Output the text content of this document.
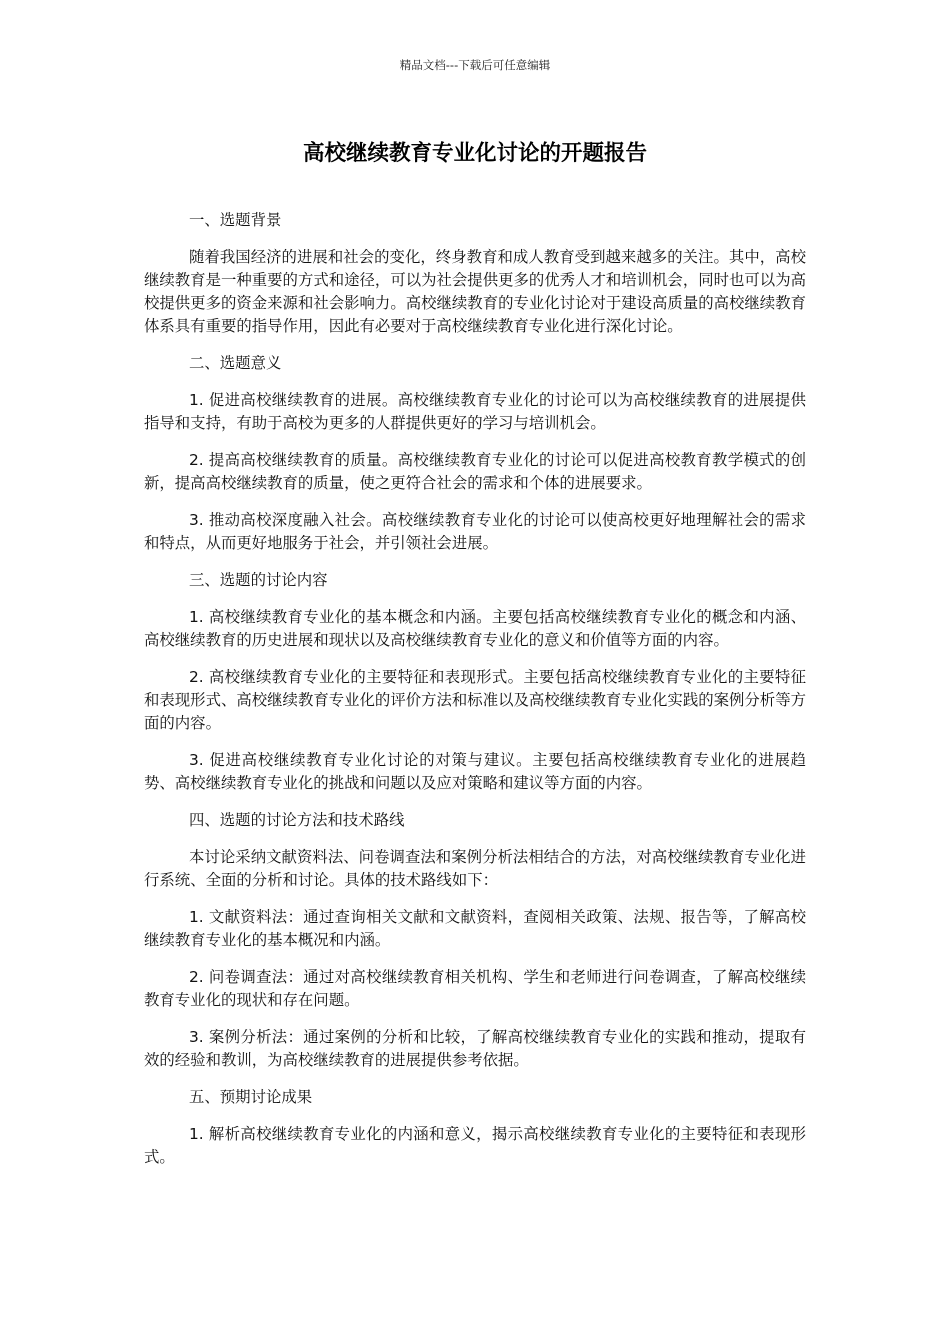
精品文档---下载后可任意编辑
高校继续教育专业化讨论的开题报告

一、选题背景

随着我国经济的进展和社会的变化，终身教育和成人教育受到越来越多的关注。其中，高校继续教育是一种重要的方式和途径，可以为社会提供更多的优秀人才和培训机会，同时也可以为高校提供更多的资金来源和社会影响力。高校继续教育的专业化讨论对于建设高质量的高校继续教育体系具有重要的指导作用，因此有必要对于高校继续教育专业化进行深化讨论。

二、选题意义

1. 促进高校继续教育的进展。高校继续教育专业化的讨论可以为高校继续教育的进展提供指导和支持，有助于高校为更多的人群提供更好的学习与培训机会。

2. 提高高校继续教育的质量。高校继续教育专业化的讨论可以促进高校教育教学模式的创新，提高高校继续教育的质量，使之更符合社会的需求和个体的进展要求。

3. 推动高校深度融入社会。高校继续教育专业化的讨论可以使高校更好地理解社会的需求和特点，从而更好地服务于社会，并引领社会进展。

三、选题的讨论内容

1. 高校继续教育专业化的基本概念和内涵。主要包括高校继续教育专业化的概念和内涵、高校继续教育的历史进展和现状以及高校继续教育专业化的意义和价值等方面的内容。

2. 高校继续教育专业化的主要特征和表现形式。主要包括高校继续教育专业化的主要特征和表现形式、高校继续教育专业化的评价方法和标准以及高校继续教育专业化实践的案例分析等方面的内容。

3. 促进高校继续教育专业化讨论的对策与建议。主要包括高校继续教育专业化的进展趋势、高校继续教育专业化的挑战和问题以及应对策略和建议等方面的内容。

四、选题的讨论方法和技术路线

本讨论采纳文献资料法、问卷调查法和案例分析法相结合的方法，对高校继续教育专业化进行系统、全面的分析和讨论。具体的技术路线如下：

1. 文献资料法：通过查询相关文献和文献资料，查阅相关政策、法规、报告等，了解高校继续教育专业化的基本概况和内涵。

2. 问卷调查法：通过对高校继续教育相关机构、学生和老师进行问卷调查，了解高校继续教育专业化的现状和存在问题。

3. 案例分析法：通过案例的分析和比较，了解高校继续教育专业化的实践和推动，提取有效的经验和教训，为高校继续教育的进展提供参考依据。

五、预期讨论成果

1. 解析高校继续教育专业化的内涵和意义，揭示高校继续教育专业化的主要特征和表现形式。
